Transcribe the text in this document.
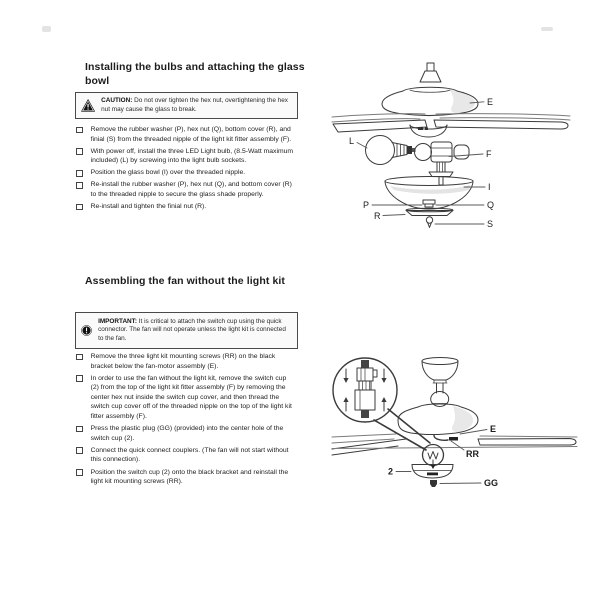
Installing the bulbs and attaching the glass bowl

CAUTION: Do not over tighten the hex nut, overtightening the hex nut may cause the glass to break.

Remove the rubber washer (P), hex nut (Q), bottom cover (R), and finial (S) from the threaded nipple of the light kit fitter assembly (F).
With power off, install the three LED Light bulb, (8.5-Watt maximum included) (L) by screwing into the light bulb sockets.
Position the glass bowl (I) over the threaded nipple.
Re-install the rubber washer (P), hex nut (Q), and bottom cover (R) to the threaded nipple to secure the glass shade properly.
Re-install and tighten the finial nut (R).
Assembling the fan without the light kit

IMPORTANT: It is critical to attach the switch cup using the quick connector. The fan will not operate unless the light kit is connected to the fan.

Remove the three light kit mounting screws (RR) on the black bracket below the fan-motor assembly (E).
In order to use the fan without the light kit, remove the switch cup (2) from the top of the light kit fitter assembly (F) by removing the center hex nut inside the switch cup cover, and then thread the switch cup cover off of the threaded nipple on the top of the light kit fitter assembly (F).
Press the plastic plug (GG) (provided) into the center hole of the switch cup (2).
Connect the quick connect couplers. (The fan will not start without this connection).
Position the switch cup (2) onto the black bracket and reinstall the light kit mounting screws (RR).
E
L
F
I
P	Q
R
S
E
RR
2
GG
